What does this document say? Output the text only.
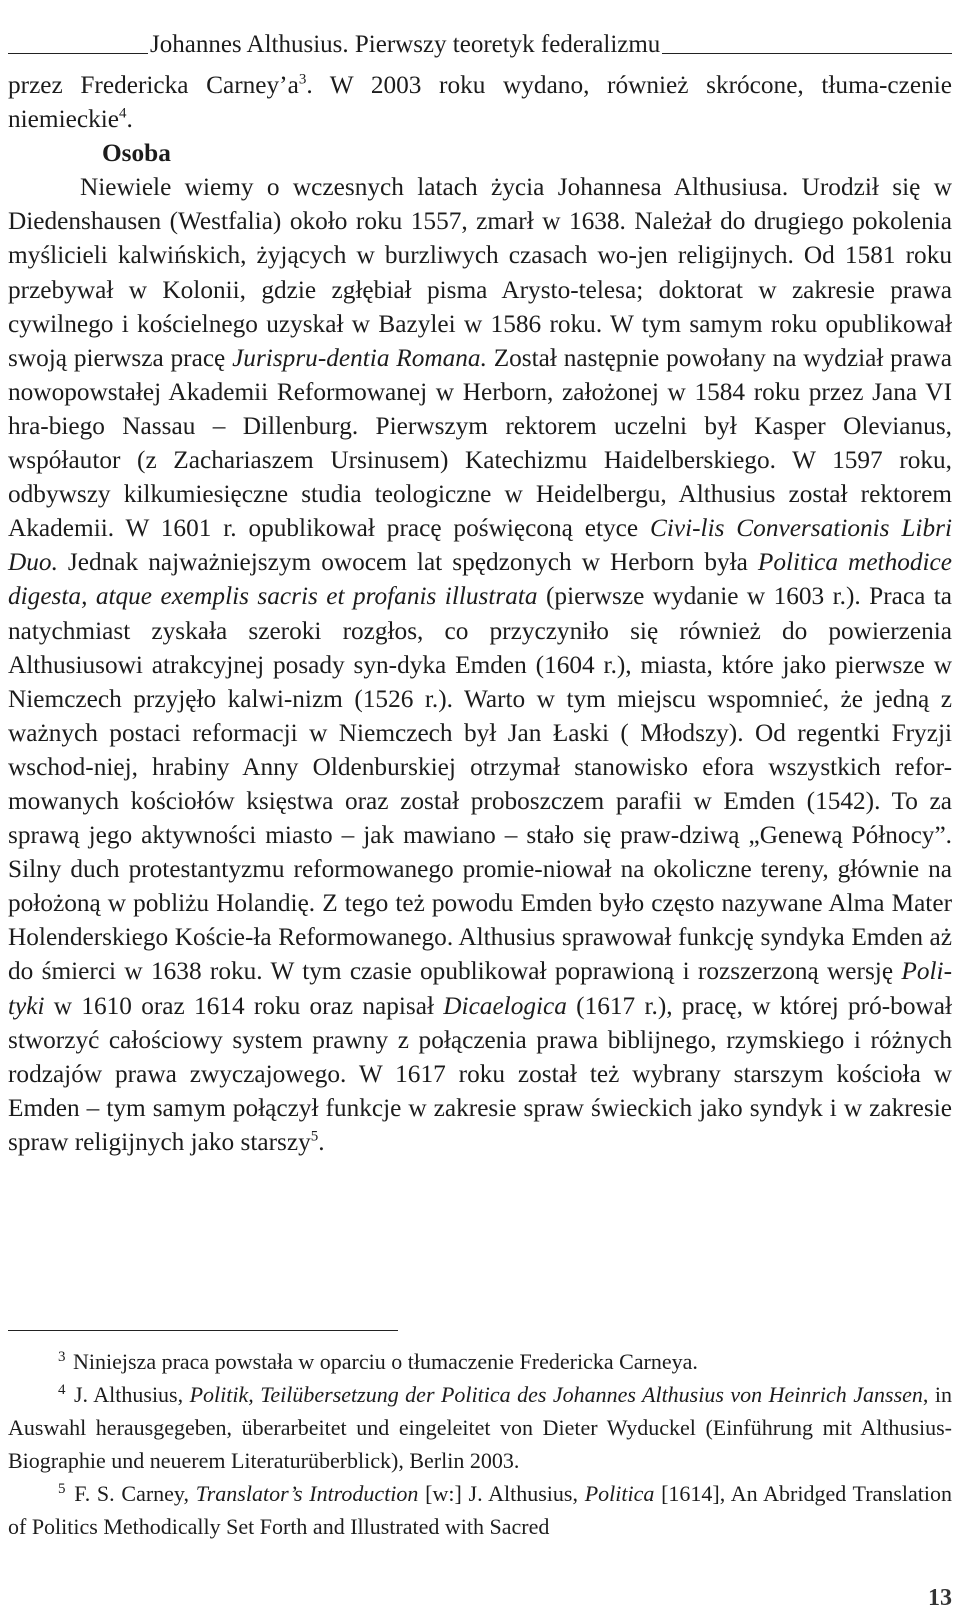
Johannes Althusius. Pierwszy teoretyk federalizmu

przez Fredericka Carney’a$^3$. W 2003 roku wydano, również skrócone, tłuma-czenie niemieckie$^4$.

Osoba

Niewiele wiemy o wczesnych latach życia Johannesa Althusiusa. Urodził się w Diedenshausen (Westfalia) około roku 1557, zmarł w 1638. Należał do drugiego pokolenia myślicieli kalwińskich, żyjących w burzliwych czasach wo-jen religijnych. Od 1581 roku przebywał w Kolonii, gdzie zgłębiał pisma Arysto-telesa; doktorat w zakresie prawa cywilnego i kościelnego uzyskał w Bazylei w 1586 roku. W tym samym roku opublikował swoją pierwsza pracę Jurispru-dentia Romana. Został następnie powołany na wydział prawa nowopowstałej Akademii Reformowanej w Herborn, założonej w 1584 roku przez Jana VI hra-biego Nassau – Dillenburg. Pierwszym rektorem uczelni był Kasper Olevianus, współautor (z Zachariaszem Ursinusem) Katechizmu Haidelberskiego. W 1597 roku, odbywszy kilkumiesięczne studia teologiczne w Heidelbergu, Althusius został rektorem Akademii. W 1601 r. opublikował pracę poświęconą etyce Civi-lis Conversationis Libri Duo. Jednak najważniejszym owocem lat spędzonych w Herborn była Politica methodice digesta, atque exemplis sacris et profanis illustrata (pierwsze wydanie w 1603 r.). Praca ta natychmiast zyskała szeroki rozgłos, co przyczyniło się również do powierzenia Althusiusowi atrakcyjnej posady syn-dyka Emden (1604 r.), miasta, które jako pierwsze w Niemczech przyjęło kalwi-nizm (1526 r.). Warto w tym miejscu wspomnieć, że jedną z ważnych postaci reformacji w Niemczech był Jan Łaski ( Młodszy). Od regentki Fryzji wschod-niej, hrabiny Anny Oldenburskiej otrzymał stanowisko efora wszystkich refor-mowanych kościołów księstwa oraz został proboszczem parafii w Emden (1542). To za sprawą jego aktywności miasto – jak mawiano – stało się praw-dziwą „Genewą Północy”. Silny duch protestantyzmu reformowanego promie-niował na okoliczne tereny, głównie na położoną w pobliżu Holandię. Z tego też powodu Emden było często nazywane Alma Mater Holenderskiego Koście-ła Reformowanego. Althusius sprawował funkcję syndyka Emden aż do śmierci w 1638 roku. W tym czasie opublikował poprawioną i rozszerzoną wersję Poli-tyki w 1610 oraz 1614 roku oraz napisał Dicaelogica (1617 r.), pracę, w której pró-bował stworzyć całościowy system prawny z połączenia prawa biblijnego, rzymskiego i różnych rodzajów prawa zwyczajowego. W 1617 roku został też wybrany starszym kościoła w Emden – tym samym połączył funkcje w zakresie spraw świeckich jako syndyk i w zakresie spraw religijnych jako starszy$^5$.

$^3$ Niniejsza praca powstała w oparciu o tłumaczenie Fredericka Carneya.

$^4$ J. Althusius, Politik, Teilübersetzung der Politica des Johannes Althusius von Heinrich Janssen, in Auswahl herausgegeben, überarbeitet und eingeleitet von Dieter Wyduckel (Einführung mit Althusius-Biographie und neuerem Literaturüberblick), Berlin 2003.

$^5$ F. S. Carney, Translator’s Introduction [w:] J. Althusius, Politica [1614], An Abridged Translation of Politics Methodically Set Forth and Illustrated with Sacred

13
